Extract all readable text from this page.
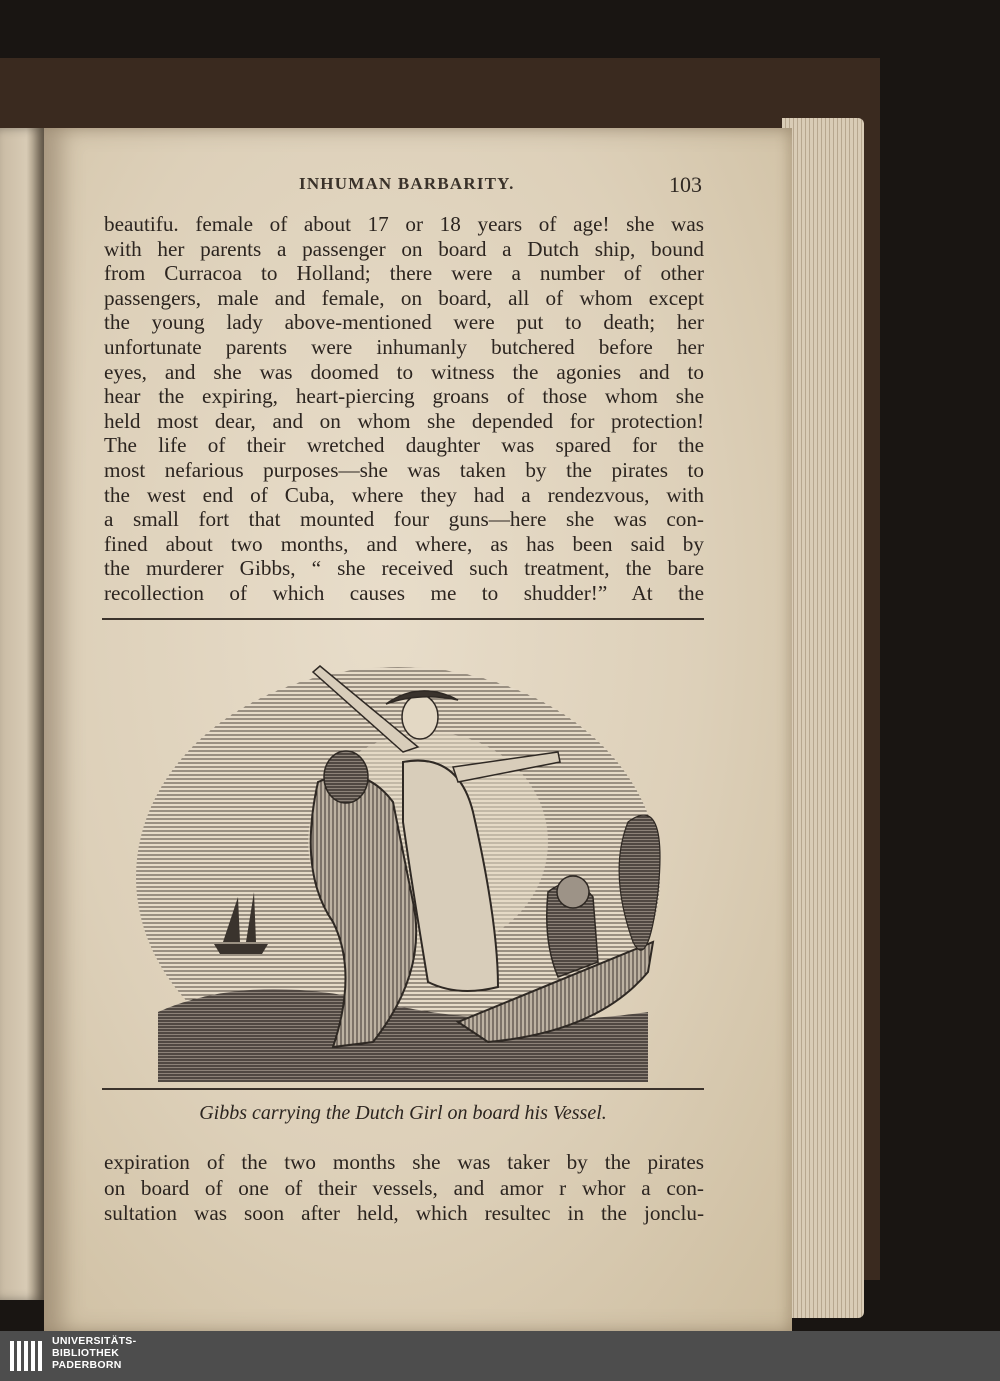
INHUMAN BARBARITY.	103
beautifu. female of about 17 or 18 years of age! she was
with her parents a passenger on board a Dutch ship, bound
from Curracoa to Holland; there were a number of other
passengers, male and female, on board, all of whom except
the young lady above-mentioned were put to death; her
unfortunate parents were inhumanly butchered before her
eyes, and she was doomed to witness the agonies and to
hear the expiring, heart-piercing groans of those whom she
held most dear, and on whom she depended for protection!
The life of their wretched daughter was spared for the
most nefarious purposes—she was taken by the pirates to
the west end of Cuba, where they had a rendezvous, with
a small fort that mounted four guns—here she was con-
fined about two months, and where, as has been said by
the murderer Gibbs, “ she received such treatment, the bare
recollection of which causes me to shudder!” At the
Gibbs carrying the Dutch Girl on board his Vessel.
expiration of the two months she was taker by the pirates
on board of one of their vessels, and amor r whor a con-
sultation was soon after held, which resultec in the jonclu-
UNIVERSITÄTS-
BIBLIOTHEK
PADERBORN
